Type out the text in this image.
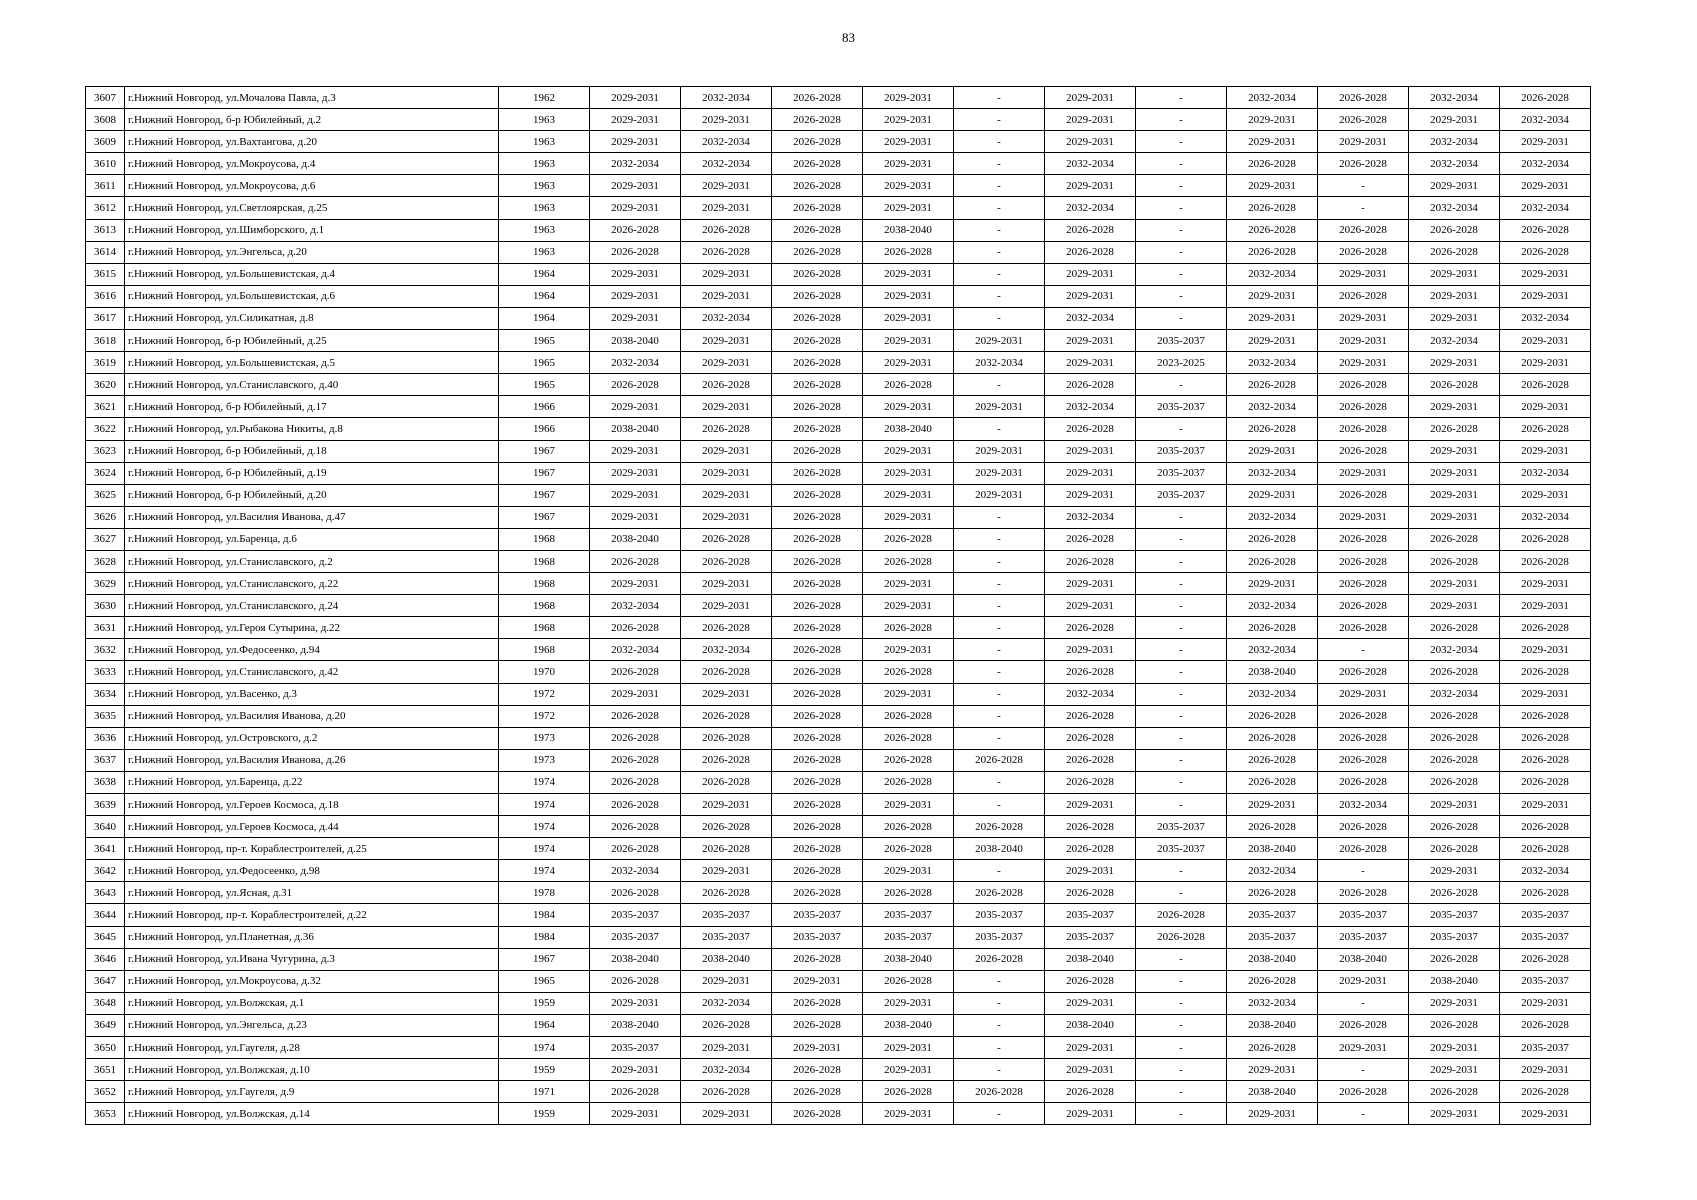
83
3607	г.Нижний Новгород, ул.Мочалова Павла, д.3	1962	2029-2031	2032-2034	2026-2028	2029-2031	-	2029-2031	-	2032-2034	2026-2028	2032-2034	2026-2028
3608	г.Нижний Новгород, б-р Юбилейный, д.2	1963	2029-2031	2029-2031	2026-2028	2029-2031	-	2029-2031	-	2029-2031	2026-2028	2029-2031	2032-2034
3609	г.Нижний Новгород, ул.Вахтангова, д.20	1963	2029-2031	2032-2034	2026-2028	2029-2031	-	2029-2031	-	2029-2031	2029-2031	2032-2034	2029-2031
3610	г.Нижний Новгород, ул.Мокроусова, д.4	1963	2032-2034	2032-2034	2026-2028	2029-2031	-	2032-2034	-	2026-2028	2026-2028	2032-2034	2032-2034
3611	г.Нижний Новгород, ул.Мокроусова, д.6	1963	2029-2031	2029-2031	2026-2028	2029-2031	-	2029-2031	-	2029-2031	-	2029-2031	2029-2031
3612	г.Нижний Новгород, ул.Светлоярская, д.25	1963	2029-2031	2029-2031	2026-2028	2029-2031	-	2032-2034	-	2026-2028	-	2032-2034	2032-2034
3613	г.Нижний Новгород, ул.Шимборского, д.1	1963	2026-2028	2026-2028	2026-2028	2038-2040	-	2026-2028	-	2026-2028	2026-2028	2026-2028	2026-2028
3614	г.Нижний Новгород, ул.Энгельса, д.20	1963	2026-2028	2026-2028	2026-2028	2026-2028	-	2026-2028	-	2026-2028	2026-2028	2026-2028	2026-2028
3615	г.Нижний Новгород, ул.Большевистская, д.4	1964	2029-2031	2029-2031	2026-2028	2029-2031	-	2029-2031	-	2032-2034	2029-2031	2029-2031	2029-2031
3616	г.Нижний Новгород, ул.Большевистская, д.6	1964	2029-2031	2029-2031	2026-2028	2029-2031	-	2029-2031	-	2029-2031	2026-2028	2029-2031	2029-2031
3617	г.Нижний Новгород, ул.Силикатная, д.8	1964	2029-2031	2032-2034	2026-2028	2029-2031	-	2032-2034	-	2029-2031	2029-2031	2029-2031	2032-2034
3618	г.Нижний Новгород, б-р Юбилейный, д.25	1965	2038-2040	2029-2031	2026-2028	2029-2031	2029-2031	2029-2031	2035-2037	2029-2031	2029-2031	2032-2034	2029-2031
3619	г.Нижний Новгород, ул.Большевистская, д.5	1965	2032-2034	2029-2031	2026-2028	2029-2031	2032-2034	2029-2031	2023-2025	2032-2034	2029-2031	2029-2031	2029-2031
3620	г.Нижний Новгород, ул.Станиславского, д.40	1965	2026-2028	2026-2028	2026-2028	2026-2028	-	2026-2028	-	2026-2028	2026-2028	2026-2028	2026-2028
3621	г.Нижний Новгород, б-р Юбилейный, д.17	1966	2029-2031	2029-2031	2026-2028	2029-2031	2029-2031	2032-2034	2035-2037	2032-2034	2026-2028	2029-2031	2029-2031
3622	г.Нижний Новгород, ул.Рыбакова Никиты, д.8	1966	2038-2040	2026-2028	2026-2028	2038-2040	-	2026-2028	-	2026-2028	2026-2028	2026-2028	2026-2028
3623	г.Нижний Новгород, б-р Юбилейный, д.18	1967	2029-2031	2029-2031	2026-2028	2029-2031	2029-2031	2029-2031	2035-2037	2029-2031	2026-2028	2029-2031	2029-2031
3624	г.Нижний Новгород, б-р Юбилейный, д.19	1967	2029-2031	2029-2031	2026-2028	2029-2031	2029-2031	2029-2031	2035-2037	2032-2034	2029-2031	2029-2031	2032-2034
3625	г.Нижний Новгород, б-р Юбилейный, д.20	1967	2029-2031	2029-2031	2026-2028	2029-2031	2029-2031	2029-2031	2035-2037	2029-2031	2026-2028	2029-2031	2029-2031
3626	г.Нижний Новгород, ул.Василия Иванова, д.47	1967	2029-2031	2029-2031	2026-2028	2029-2031	-	2032-2034	-	2032-2034	2029-2031	2029-2031	2032-2034
3627	г.Нижний Новгород, ул.Баренца, д.6	1968	2038-2040	2026-2028	2026-2028	2026-2028	-	2026-2028	-	2026-2028	2026-2028	2026-2028	2026-2028
3628	г.Нижний Новгород, ул.Станиславского, д.2	1968	2026-2028	2026-2028	2026-2028	2026-2028	-	2026-2028	-	2026-2028	2026-2028	2026-2028	2026-2028
3629	г.Нижний Новгород, ул.Станиславского, д.22	1968	2029-2031	2029-2031	2026-2028	2029-2031	-	2029-2031	-	2029-2031	2026-2028	2029-2031	2029-2031
3630	г.Нижний Новгород, ул.Станиславского, д.24	1968	2032-2034	2029-2031	2026-2028	2029-2031	-	2029-2031	-	2032-2034	2026-2028	2029-2031	2029-2031
3631	г.Нижний Новгород, ул.Героя Сутырина, д.22	1968	2026-2028	2026-2028	2026-2028	2026-2028	-	2026-2028	-	2026-2028	2026-2028	2026-2028	2026-2028
3632	г.Нижний Новгород, ул.Федосеенко, д.94	1968	2032-2034	2032-2034	2026-2028	2029-2031	-	2029-2031	-	2032-2034	-	2032-2034	2029-2031
3633	г.Нижний Новгород, ул.Станиславского, д.42	1970	2026-2028	2026-2028	2026-2028	2026-2028	-	2026-2028	-	2038-2040	2026-2028	2026-2028	2026-2028
3634	г.Нижний Новгород, ул.Васенко, д.3	1972	2029-2031	2029-2031	2026-2028	2029-2031	-	2032-2034	-	2032-2034	2029-2031	2032-2034	2029-2031
3635	г.Нижний Новгород, ул.Василия Иванова, д.20	1972	2026-2028	2026-2028	2026-2028	2026-2028	-	2026-2028	-	2026-2028	2026-2028	2026-2028	2026-2028
3636	г.Нижний Новгород, ул.Островского, д.2	1973	2026-2028	2026-2028	2026-2028	2026-2028	-	2026-2028	-	2026-2028	2026-2028	2026-2028	2026-2028
3637	г.Нижний Новгород, ул.Василия Иванова, д.26	1973	2026-2028	2026-2028	2026-2028	2026-2028	2026-2028	2026-2028	-	2026-2028	2026-2028	2026-2028	2026-2028
3638	г.Нижний Новгород, ул.Баренца, д.22	1974	2026-2028	2026-2028	2026-2028	2026-2028	-	2026-2028	-	2026-2028	2026-2028	2026-2028	2026-2028
3639	г.Нижний Новгород, ул.Героев Космоса, д.18	1974	2026-2028	2029-2031	2026-2028	2029-2031	-	2029-2031	-	2029-2031	2032-2034	2029-2031	2029-2031
3640	г.Нижний Новгород, ул.Героев Космоса, д.44	1974	2026-2028	2026-2028	2026-2028	2026-2028	2026-2028	2026-2028	2035-2037	2026-2028	2026-2028	2026-2028	2026-2028
3641	г.Нижний Новгород, пр-т. Кораблестроителей, д.25	1974	2026-2028	2026-2028	2026-2028	2026-2028	2038-2040	2026-2028	2035-2037	2038-2040	2026-2028	2026-2028	2026-2028
3642	г.Нижний Новгород, ул.Федосеенко, д.98	1974	2032-2034	2029-2031	2026-2028	2029-2031	-	2029-2031	-	2032-2034	-	2029-2031	2032-2034
3643	г.Нижний Новгород, ул.Ясная, д.31	1978	2026-2028	2026-2028	2026-2028	2026-2028	2026-2028	2026-2028	-	2026-2028	2026-2028	2026-2028	2026-2028
3644	г.Нижний Новгород, пр-т. Кораблестроителей, д.22	1984	2035-2037	2035-2037	2035-2037	2035-2037	2035-2037	2035-2037	2026-2028	2035-2037	2035-2037	2035-2037	2035-2037
3645	г.Нижний Новгород, ул.Планетная, д.36	1984	2035-2037	2035-2037	2035-2037	2035-2037	2035-2037	2035-2037	2026-2028	2035-2037	2035-2037	2035-2037	2035-2037
3646	г.Нижний Новгород, ул.Ивана Чугурина, д.3	1967	2038-2040	2038-2040	2026-2028	2038-2040	2026-2028	2038-2040	-	2038-2040	2038-2040	2026-2028	2026-2028
3647	г.Нижний Новгород, ул.Мокроусова, д.32	1965	2026-2028	2029-2031	2029-2031	2026-2028	-	2026-2028	-	2026-2028	2029-2031	2038-2040	2035-2037
3648	г.Нижний Новгород, ул.Волжская, д.1	1959	2029-2031	2032-2034	2026-2028	2029-2031	-	2029-2031	-	2032-2034	-	2029-2031	2029-2031
3649	г.Нижний Новгород, ул.Энгельса, д.23	1964	2038-2040	2026-2028	2026-2028	2038-2040	-	2038-2040	-	2038-2040	2026-2028	2026-2028	2026-2028
3650	г.Нижний Новгород, ул.Гаугеля, д.28	1974	2035-2037	2029-2031	2029-2031	2029-2031	-	2029-2031	-	2026-2028	2029-2031	2029-2031	2035-2037
3651	г.Нижний Новгород, ул.Волжская, д.10	1959	2029-2031	2032-2034	2026-2028	2029-2031	-	2029-2031	-	2029-2031	-	2029-2031	2029-2031
3652	г.Нижний Новгород, ул.Гаугеля, д.9	1971	2026-2028	2026-2028	2026-2028	2026-2028	2026-2028	2026-2028	-	2038-2040	2026-2028	2026-2028	2026-2028
3653	г.Нижний Новгород, ул.Волжская, д.14	1959	2029-2031	2029-2031	2026-2028	2029-2031	-	2029-2031	-	2029-2031	-	2029-2031	2029-2031
